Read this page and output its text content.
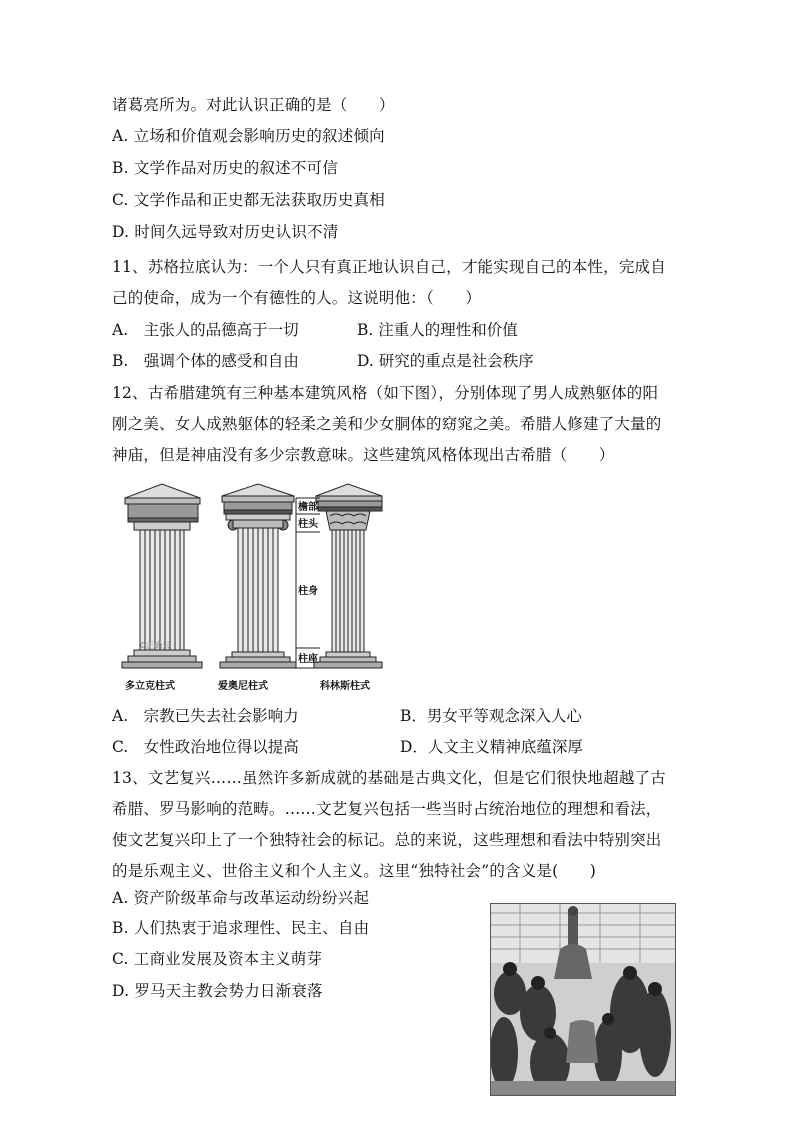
诸葛亮所为。对此认识正确的是（　　）
A. 立场和价值观会影响历史的叙述倾向
B. 文学作品对历史的叙述不可信
C. 文学作品和正史都无法获取历史真相
D. 时间久远导致对历史认识不清
11、苏格拉底认为：一个人只有真正地认识自己，才能实现自己的本性，完成自
己的使命，成为一个有德性的人。这说明他：（　　）
A.　主张人的品德高于一切	B. 注重人的理性和价值
B.　强调个体的感受和自由	D. 研究的重点是社会秩序
12、古希腊建筑有三种基本建筑风格（如下图），分别体现了男人成熟躯体的阳
刚之美、女人成熟躯体的轻柔之美和少女胴体的窈窕之美。希腊人修建了大量的
神庙，但是神庙没有多少宗教意味。这些建筑风格体现出古希腊（　　）
©正确云
檐部
柱头
柱身
柱座
多立克柱式	爱奥尼柱式	科林斯柱式
A.　宗教已失去社会影响力	B．男女平等观念深入人心
C.　女性政治地位得以提高	D．人文主义精神底蕴深厚
13、文艺复兴……虽然许多新成就的基础是古典文化，但是它们很快地超越了古
希腊、罗马影响的范畴。……文艺复兴包括一些当时占统治地位的理想和看法，
使文艺复兴印上了一个独特社会的标记。总的来说，这些理想和看法中特别突出
的是乐观主义、世俗主义和个人主义。这里“独特社会”的含义是(　　)
A. 资产阶级革命与改革运动纷纷兴起
B. 人们热衷于追求理性、民主、自由
C. 工商业发展及资本主义萌芽
D. 罗马天主教会势力日渐衰落
